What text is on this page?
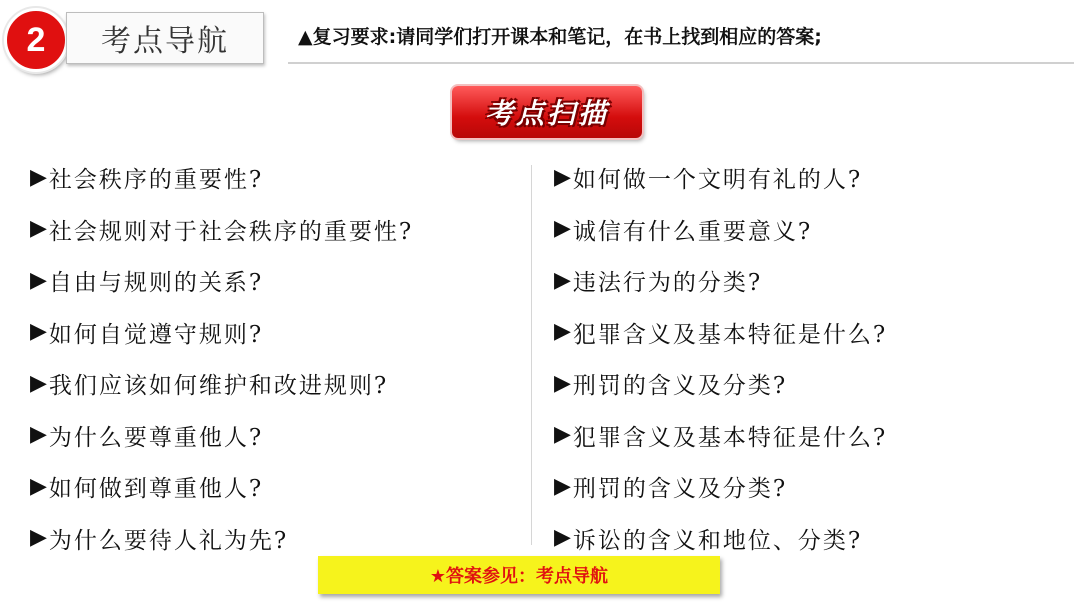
2 考点导航	▲复习要求:请同学们打开课本和笔记，在书上找到相应的答案;
考点扫描
▶ 社会秩序的重要性?
▶ 社会规则对于社会秩序的重要性?
▶ 自由与规则的关系?
▶ 如何自觉遵守规则?
▶ 我们应该如何维护和改进规则?
▶ 为什么要尊重他人?
▶ 如何做到尊重他人?
▶ 为什么要待人礼为先?
▶ 如何做一个文明有礼的人?
▶ 诚信有什么重要意义?
▶ 违法行为的分类?
▶ 犯罪含义及基本特征是什么?
▶ 刑罚的含义及分类?
▶ 犯罪含义及基本特征是什么?
▶ 刑罚的含义及分类?
▶ 诉讼的含义和地位、分类?
★答案参见：考点导航
